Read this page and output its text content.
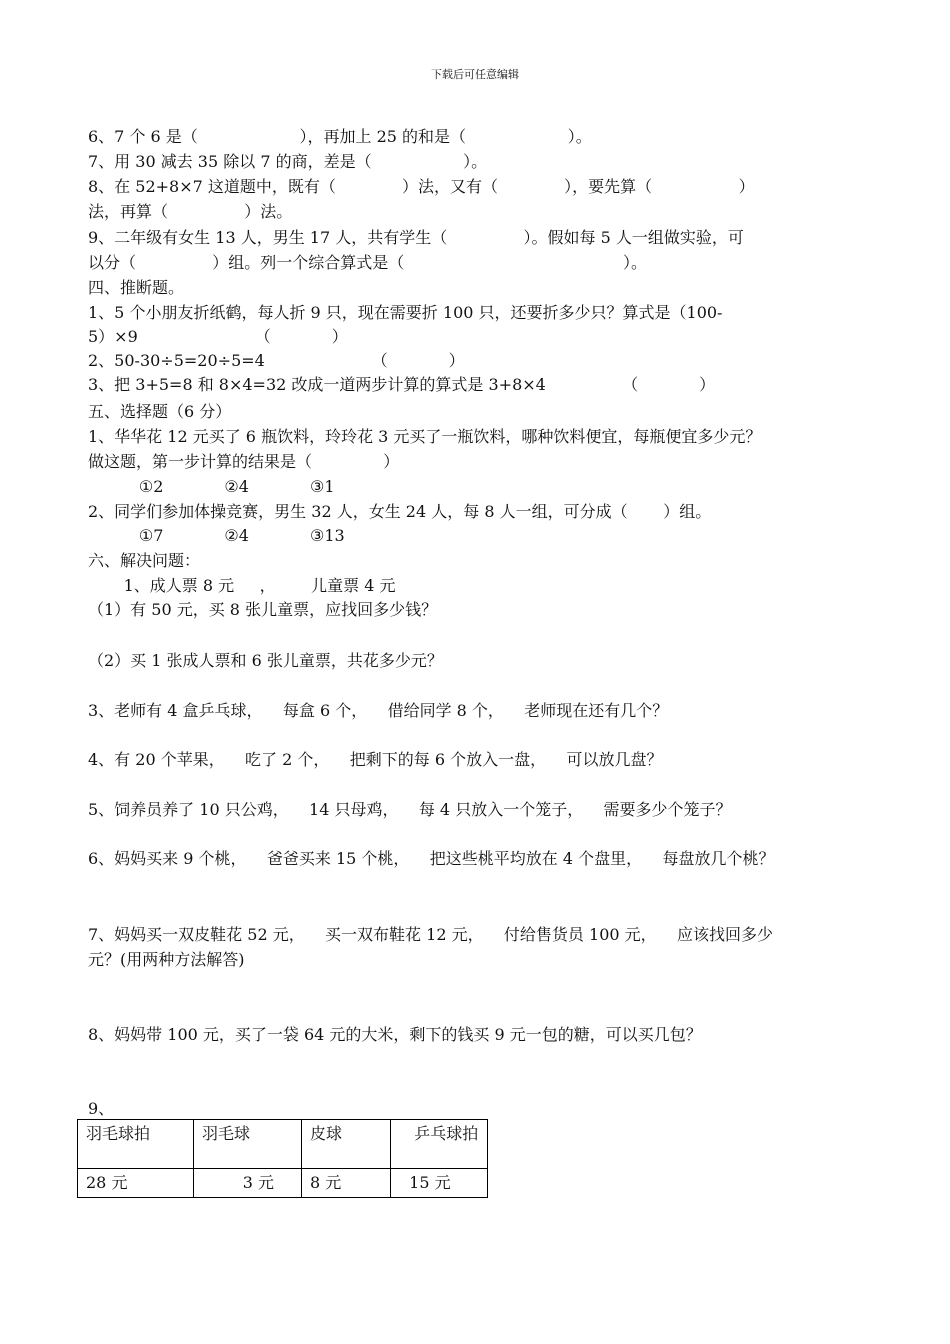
下载后可任意编辑
6、7 个 6 是（                    ），再加上 25 的和是（                    ）。
7、用 30 减去 35 除以 7 的商，差是（                  ）。
8、在 52+8×7 这道题中，既有（             ）法，又有（             ），要先算（                 ）
法，再算（               ）法。
9、二年级有女生 13 人，男生 17 人，共有学生（               ）。假如每 5 人一组做实验，可
以分（               ）组。列一个综合算式是（                                           ）。
四、推断题。
1、5 个小朋友折纸鹤，每人折 9 只，现在需要折 100 只，还要折多少只？算式是（100-
5）×9                       （            ）
2、50-30÷5=20÷5=4                     （            ）
3、把 3+5=8 和 8×4=32 改成一道两步计算的算式是 3+8×4               （            ）
五、选择题（6 分）
1、华华花 12 元买了 6 瓶饮料，玲玲花 3 元买了一瓶饮料，哪种饮料便宜，每瓶便宜多少元？
做这题，第一步计算的结果是（              ）
①2            ②4            ③1
2、同学们参加体操竞赛，男生 32 人，女生 24 人，每 8 人一组，可分成（       ）组。
①7            ②4            ③13
六、解决问题：
1、成人票 8 元     ，       儿童票 4 元
（1）有 50 元，买 8 张儿童票，应找回多少钱？
（2）买 1 张成人票和 6 张儿童票，共花多少元？
3、老师有 4 盒乒乓球，    每盒 6 个，    借给同学 8 个，    老师现在还有几个？
4、有 20 个苹果，    吃了 2 个，    把剩下的每 6 个放入一盘，    可以放几盘？
5、饲养员养了 10 只公鸡，    14 只母鸡，    每 4 只放入一个笼子，    需要多少个笼子？
6、妈妈买来 9 个桃，    爸爸买来 15 个桃，    把这些桃平均放在 4 个盘里，    每盘放几个桃？
7、妈妈买一双皮鞋花 52 元，    买一双布鞋花 12 元，    付给售货员 100 元，    应该找回多少
元？(用两种方法解答)
8、妈妈带 100 元，买了一袋 64 元的大米，剩下的钱买 9 元一包的糖，可以买几包？
9、
羽毛球拍	羽毛球	皮球	乒乓球拍
28 元	3 元	8 元	15 元
